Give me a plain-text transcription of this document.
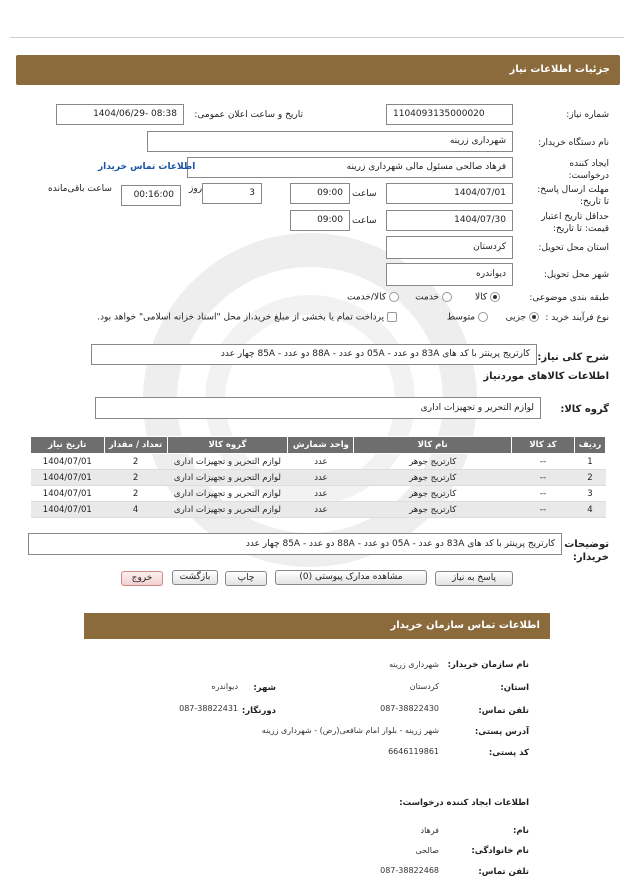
جزئیات اطلاعات نیاز
شماره نیاز:
1104093135000020
تاریخ و ساعت اعلان عمومی:
1404/06/29- 08:38
نام دستگاه خریدار:
شهرداری زرینه
ایجاد کننده درخواست:
فرهاد صالحی مسئول مالی شهرداری زرینه
اطلاعات تماس خریدار
مهلت ارسال پاسخ: تا تاریخ:
1404/07/01
ساعت
09:00
3
روز
00:16:00
ساعت باقی‌مانده
حداقل تاریخ اعتبار قیمت: تا تاریخ:
1404/07/30
ساعت
09:00
استان محل تحویل:
کردستان
شهر محل تحویل:
دیواندره
طبقه بندی موضوعی:
کالا
خدمت
کالا/خدمت
نوع فرآیند خرید :
جزیی
متوسط
پرداخت تمام یا بخشی از مبلغ خرید،از محل "اسناد خزانه اسلامی" خواهد بود.
شرح کلی نیاز:
کارتریج پرینتر با کد های 83A دو عدد - 05A دو عدد - 88A دو عدد - 85A چهار عدد
اطلاعات کالاهای موردنیاز
گروه کالا:
لوازم التحریر و تجهیزات اداری
ردیف	کد کالا	نام کالا	واحد شمارش	گروه کالا	تعداد / مقدار	تاریخ نیاز
1	--	کارتریج جوهر	عدد	لوازم التحریر و تجهیزات اداری	2	1404/07/01
2	--	کارتریج جوهر	عدد	لوازم التحریر و تجهیزات اداری	2	1404/07/01
3	--	کارتریج جوهر	عدد	لوازم التحریر و تجهیزات اداری	2	1404/07/01
4	--	کارتریج جوهر	عدد	لوازم التحریر و تجهیزات اداری	4	1404/07/01
توضیحات خریدار:
کارتریج پرینتر با کد های 83A دو عدد - 05A دو عدد - 88A دو عدد - 85A چهار عدد
پاسخ به نیاز
مشاهده مدارک پیوستی (0)
چاپ
بازگشت
خروج
اطلاعات تماس سازمان خریدار
نام سازمان خریدار:
شهرداری زرینه
استان:
کردستان
شهر:
دیواندره
تلفن تماس:
087-38822430
دورنگار:
087-38822431
آدرس پستی:
شهر زرینه - بلوار امام شافعی(رض) - شهرداری زرینه
کد پستی:
6646119861
اطلاعات ایجاد کننده درخواست:
نام:
فرهاد
نام خانوادگی:
صالحی
تلفن تماس:
087-38822468
